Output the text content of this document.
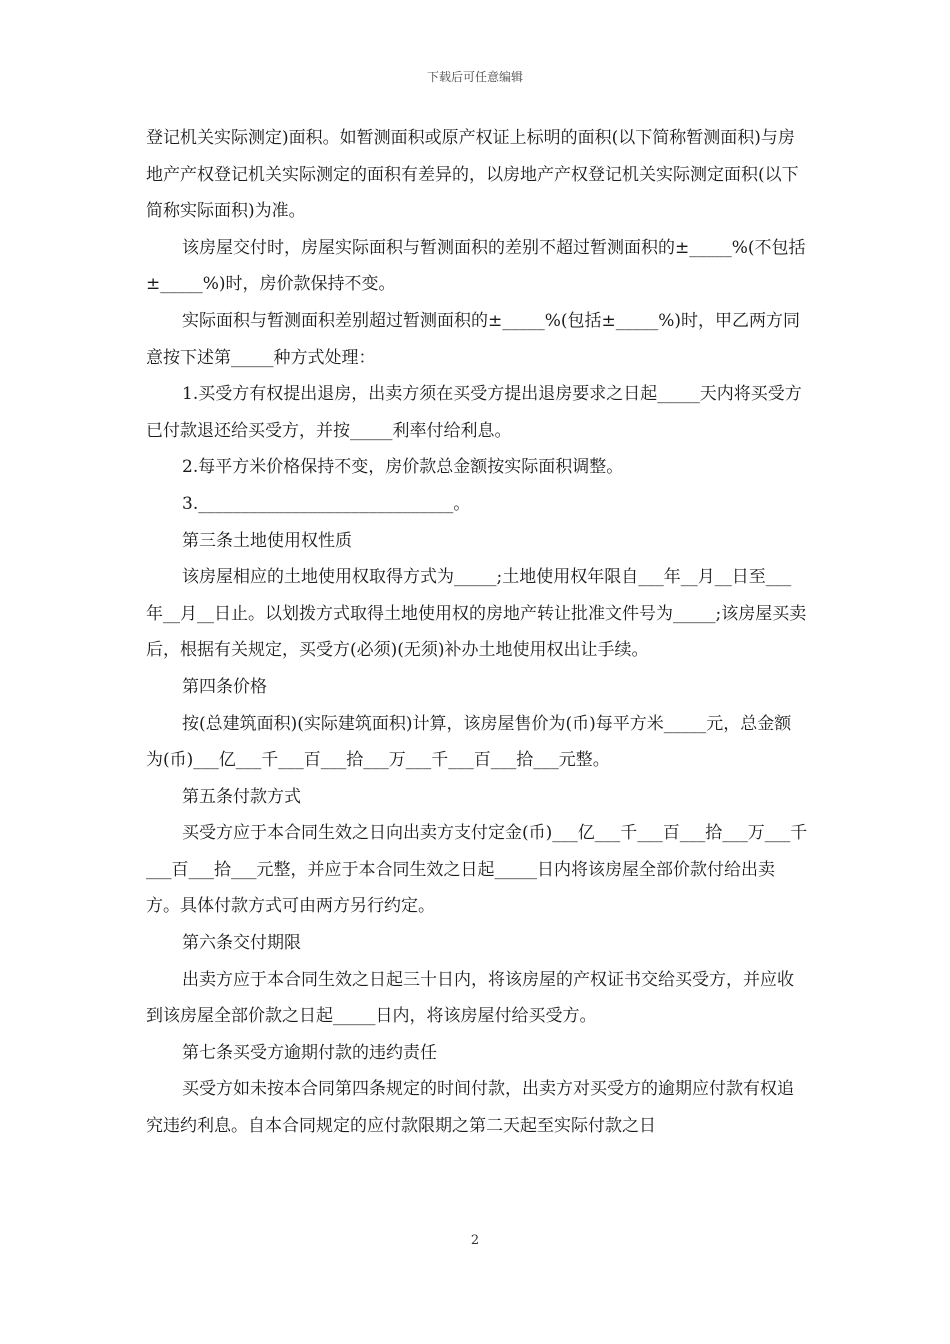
下载后可任意编辑

登记机关实际测定)面积。如暂测面积或原产权证上标明的面积(以下简称暂测面积)与房地产产权登记机关实际测定的面积有差异的，以房地产产权登记机关实际测定面积(以下简称实际面积)为准。

该房屋交付时，房屋实际面积与暂测面积的差别不超过暂测面积的±_____%(不包括±_____%)时，房价款保持不变。

实际面积与暂测面积差别超过暂测面积的±_____%(包括±_____%)时，甲乙两方同意按下述第_____种方式处理：

1.买受方有权提出退房，出卖方须在买受方提出退房要求之日起_____天内将买受方已付款退还给买受方，并按_____利率付给利息。

2.每平方米价格保持不变，房价款总金额按实际面积调整。

3.______________________________。

第三条土地使用权性质

该房屋相应的土地使用权取得方式为_____;土地使用权年限自___年__月__日至___年__月__日止。以划拨方式取得土地使用权的房地产转让批准文件号为_____;该房屋买卖后，根据有关规定，买受方(必须)(无须)补办土地使用权出让手续。

第四条价格

按(总建筑面积)(实际建筑面积)计算，该房屋售价为(币)每平方米_____元，总金额为(币)___亿___千___百___拾___万___千___百___拾___元整。

第五条付款方式

买受方应于本合同生效之日向出卖方支付定金(币)___亿___千___百___拾___万___千___百___拾___元整，并应于本合同生效之日起_____日内将该房屋全部价款付给出卖方。具体付款方式可由两方另行约定。

第六条交付期限

出卖方应于本合同生效之日起三十日内，将该房屋的产权证书交给买受方，并应收到该房屋全部价款之日起_____日内，将该房屋付给买受方。

第七条买受方逾期付款的违约责任

买受方如未按本合同第四条规定的时间付款，出卖方对买受方的逾期应付款有权追究违约利息。自本合同规定的应付款限期之第二天起至实际付款之日

2
